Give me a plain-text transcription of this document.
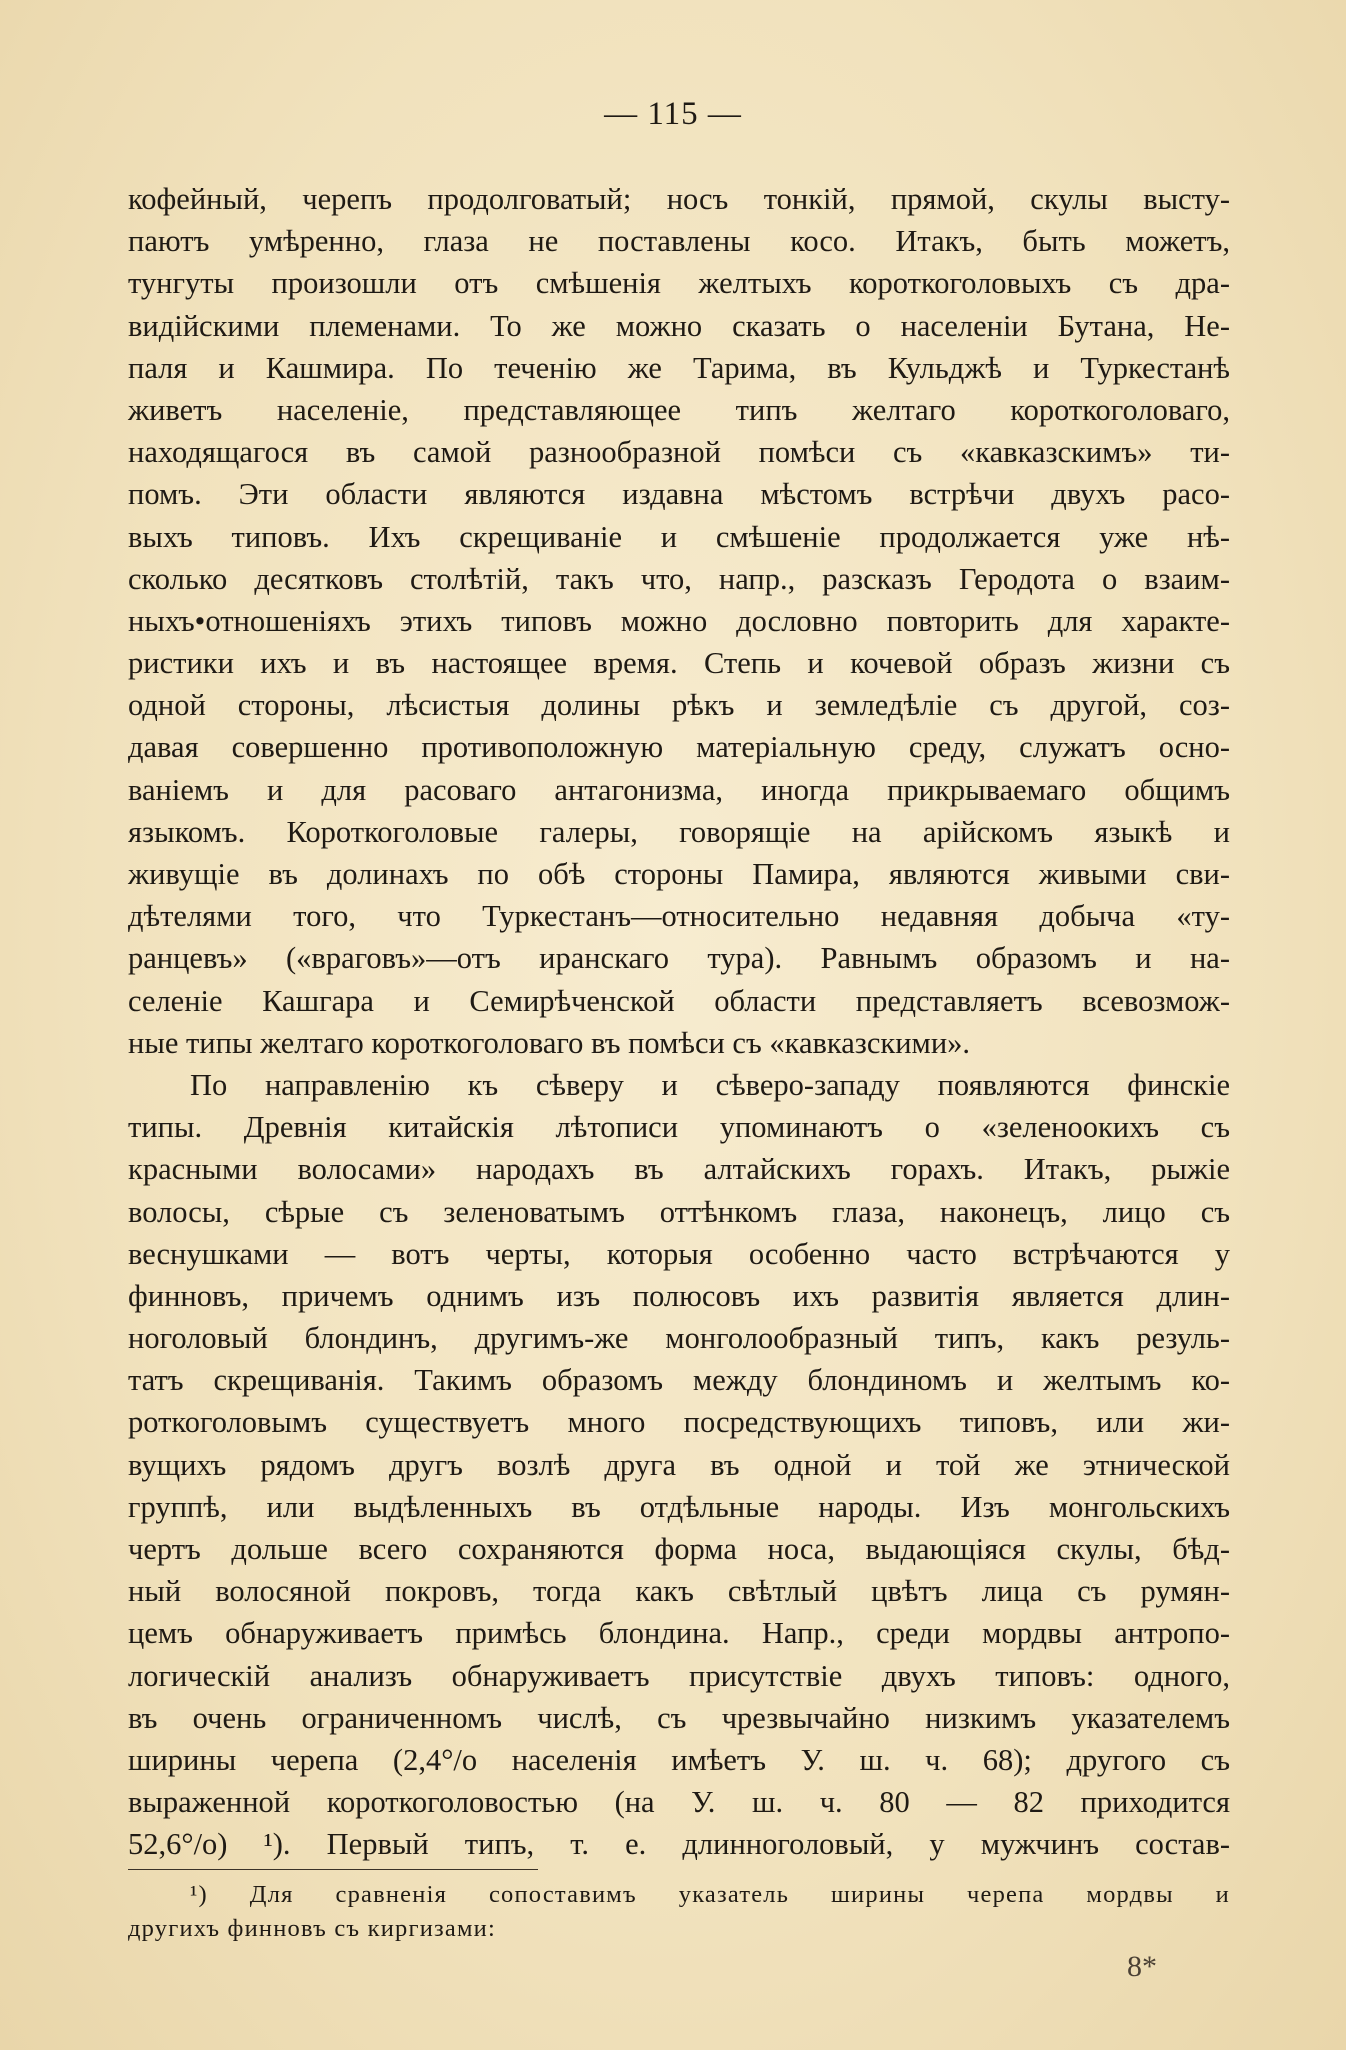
— 115 —
кофейный, черепъ продолговатый; носъ тонкій, прямой, скулы высту-
паютъ умѣренно, глаза не поставлены косо. Итакъ, быть можетъ,
тунгуты произошли отъ смѣшенія желтыхъ короткоголовыхъ съ дра-
видійскими племенами. То же можно сказать о населеніи Бутана, Не-
паля и Кашмира. По теченію же Тарима, въ Кульджѣ и Туркестанѣ
живетъ населеніе, представляющее типъ желтаго короткоголоваго,
находящагося въ самой разнообразной помѣси съ «кавказскимъ» ти-
помъ. Эти области являются издавна мѣстомъ встрѣчи двухъ расо-
выхъ типовъ. Ихъ скрещиваніе и смѣшеніе продолжается уже нѣ-
сколько десятковъ столѣтій, такъ что, напр., разсказъ Геродота о взаим-
ныхъ•отношеніяхъ этихъ типовъ можно дословно повторить для характе-
ристики ихъ и въ настоящее время. Степь и кочевой образъ жизни съ
одной стороны, лѣсистыя долины рѣкъ и земледѣліе съ другой, соз-
давая совершенно противоположную матеріальную среду, служатъ осно-
ваніемъ и для расоваго антагонизма, иногда прикрываемаго общимъ
языкомъ. Короткоголовые галеры, говорящіе на арійскомъ языкѣ и
живущіе въ долинахъ по обѣ стороны Памира, являются живыми сви-
дѣтелями того, что Туркестанъ—относительно недавняя добыча «ту-
ранцевъ» («враговъ»—отъ иранскаго тура). Равнымъ образомъ и на-
селеніе Кашгара и Семирѣченской области представляетъ всевозмож-
ные типы желтаго короткоголоваго въ помѣси съ «кавказскими».
По направленію къ сѣверу и сѣверо-западу появляются финскіе
типы. Древнія китайскія лѣтописи упоминаютъ о «зеленоокихъ съ
красными волосами» народахъ въ алтайскихъ горахъ. Итакъ, рыжіе
волосы, сѣрые съ зеленоватымъ оттѣнкомъ глаза, наконецъ, лицо съ
веснушками — вотъ черты, которыя особенно часто встрѣчаются у
финновъ, причемъ однимъ изъ полюсовъ ихъ развитія является длин-
ноголовый блондинъ, другимъ-же монголообразный типъ, какъ резуль-
татъ скрещиванія. Такимъ образомъ между блондиномъ и желтымъ ко-
роткоголовымъ существуетъ много посредствующихъ типовъ, или жи-
вущихъ рядомъ другъ возлѣ друга въ одной и той же этнической
группѣ, или выдѣленныхъ въ отдѣльные народы. Изъ монгольскихъ
чертъ дольше всего сохраняются форма носа, выдающіяся скулы, бѣд-
ный волосяной покровъ, тогда какъ свѣтлый цвѣтъ лица съ румян-
цемъ обнаруживаетъ примѣсь блондина. Напр., среди мордвы антропо-
логическій анализъ обнаруживаетъ присутствіе двухъ типовъ: одного,
въ очень ограниченномъ числѣ, съ чрезвычайно низкимъ указателемъ
ширины черепа (2,4°/o населенія имѣетъ У. ш. ч. 68); другого съ
выраженной короткоголовостью (на У. ш. ч. 80 — 82 приходится
52,6°/o) ¹). Первый типъ, т. е. длинноголовый, у мужчинъ состав-
¹) Для сравненія сопоставимъ указатель ширины черепа мордвы и
другихъ финновъ съ киргизами:
8*
